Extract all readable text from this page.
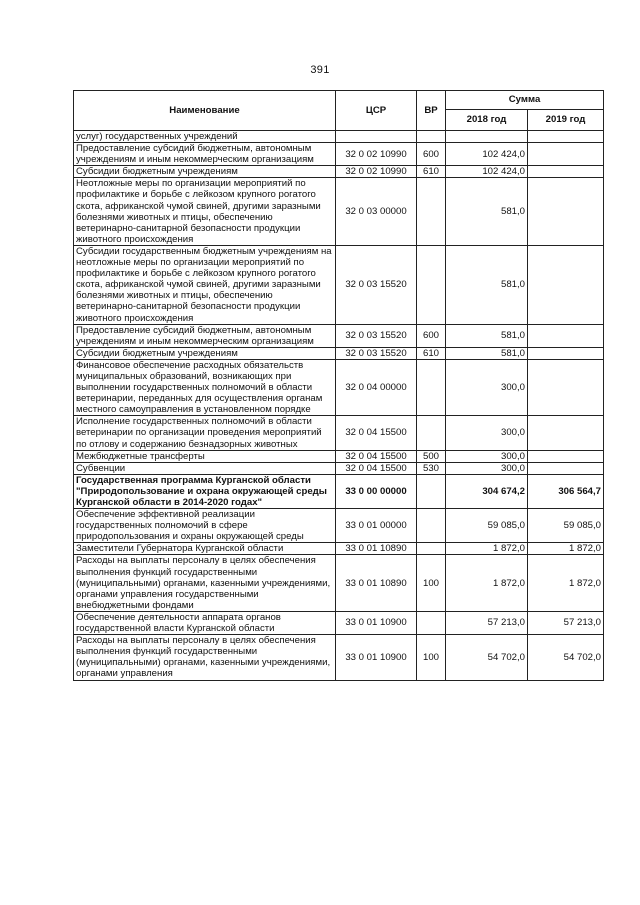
391
Наименование	ЦСР	ВР	Сумма	
			2018 год	2019 год
услуг) государственных учреждений				
Предоставление субсидий бюджетным, автономным учреждениям и иным некоммерческим организациям	32 0 02 10990	600	102 424,0	
Субсидии бюджетным учреждениям	32 0 02 10990	610	102 424,0	
Неотложные меры по организации мероприятий по профилактике и борьбе с лейкозом крупного рогатого скота, африканской чумой свиней, другими заразными болезнями животных и птицы, обеспечению ветеринарно-санитарной безопасности продукции животного происхождения	32 0 03 00000		581,0	
Субсидии государственным бюджетным учреждениям на неотложные меры по организации мероприятий по профилактике и борьбе с лейкозом крупного рогатого скота, африканской чумой свиней, другими заразными болезнями животных и птицы, обеспечению ветеринарно-санитарной безопасности продукции животного происхождения	32 0 03 15520		581,0	
Предоставление субсидий бюджетным, автономным учреждениям и иным некоммерческим организациям	32 0 03 15520	600	581,0	
Субсидии бюджетным учреждениям	32 0 03 15520	610	581,0	
Финансовое обеспечение расходных обязательств муниципальных образований, возникающих при выполнении государственных полномочий в области ветеринарии, переданных для осуществления органам местного самоуправления в установленном порядке	32 0 04 00000		300,0	
Исполнение государственных полномочий в области ветеринарии по организации проведения мероприятий по отлову и содержанию безнадзорных животных	32 0 04 15500		300,0	
Межбюджетные трансферты	32 0 04 15500	500	300,0	
Субвенции	32 0 04 15500	530	300,0	
Государственная программа Курганской области "Природопользование и охрана окружающей среды Курганской области в 2014-2020 годах"	33 0 00 00000		304 674,2	306 564,7
Обеспечение эффективной реализации государственных полномочий в сфере природопользования и охраны окружающей среды	33 0 01 00000		59 085,0	59 085,0
Заместители Губернатора Курганской области	33 0 01 10890		1 872,0	1 872,0
Расходы на выплаты персоналу в целях обеспечения выполнения функций государственными (муниципальными) органами, казенными учреждениями, органами управления государственными внебюджетными фондами	33 0 01 10890	100	1 872,0	1 872,0
Обеспечение деятельности аппарата органов государственной власти Курганской области	33 0 01 10900		57 213,0	57 213,0
Расходы на выплаты персоналу в целях обеспечения выполнения функций государственными (муниципальными) органами, казенными учреждениями, органами управления	33 0 01 10900	100	54 702,0	54 702,0
